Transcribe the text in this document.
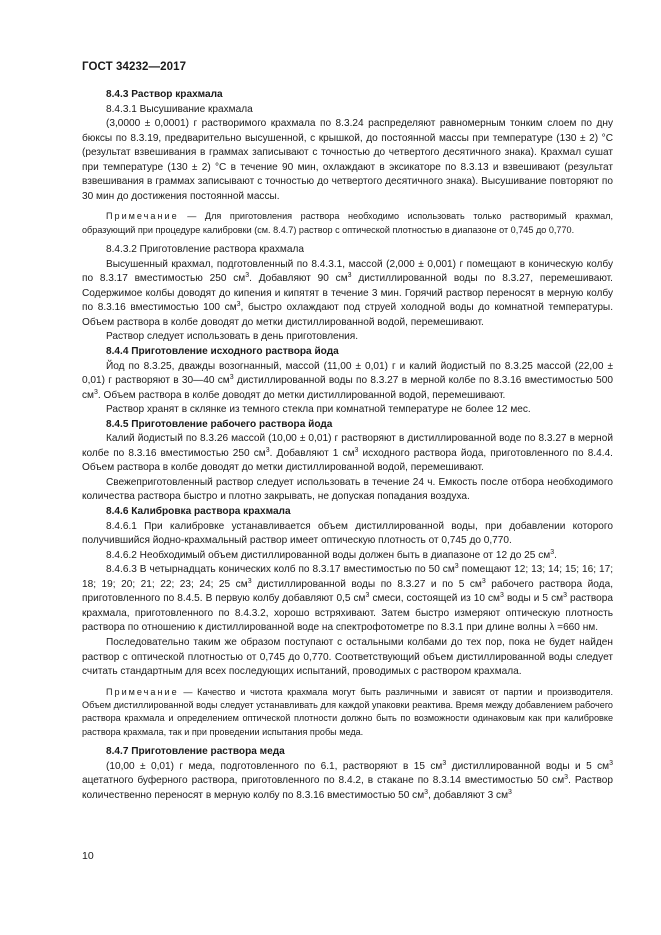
ГОСТ 34232—2017

8.4.3 Раствор крахмала

8.4.3.1 Высушивание крахмала

(3,0000 ± 0,0001) г растворимого крахмала по 8.3.24 распределяют равномерным тонким слоем по дну бюксы по 8.3.19, предварительно высушенной, с крышкой, до постоянной массы при температуре (130 ± 2) °С (результат взвешивания в граммах записывают с точностью до четвертого десятичного знака). Крахмал сушат при температуре (130 ± 2) °С в течение 90 мин, охлаждают в эксикаторе по 8.3.13 и взвешивают (результат взвешивания в граммах записывают с точностью до четвертого десятичного знака). Высушивание повторяют по 30 мин до достижения постоянной массы.

Примечание — Для приготовления раствора необходимо использовать только растворимый крахмал, образующий при процедуре калибровки (см. 8.4.7) раствор с оптической плотностью в диапазоне от 0,745 до 0,770.

8.4.3.2 Приготовление раствора крахмала

Высушенный крахмал, подготовленный по 8.4.3.1, массой (2,000 ± 0,001) г помещают в коническую колбу по 8.3.17 вместимостью 250 $см^3$. Добавляют 90 $см^3$ дистиллированной воды по 8.3.27, перемешивают. Содержимое колбы доводят до кипения и кипятят в течение 3 мин. Горячий раствор переносят в мерную колбу по 8.3.16 вместимостью 100 $см^3$, быстро охлаждают под струей холодной воды до комнатной температуры. Объем раствора в колбе доводят до метки дистиллированной водой, перемешивают.

Раствор следует использовать в день приготовления.

8.4.4 Приготовление исходного раствора йода

Йод по 8.3.25, дважды возогнанный, массой (11,00 ± 0,01) г и калий йодистый по 8.3.25 массой (22,00 ± 0,01) г растворяют в 30—40 $см^3$ дистиллированной воды по 8.3.27 в мерной колбе по 8.3.16 вместимостью 500 $см^3$. Объем раствора в колбе доводят до метки дистиллированной водой, перемешивают.

Раствор хранят в склянке из темного стекла при комнатной температуре не более 12 мес.

8.4.5 Приготовление рабочего раствора йода

Калий йодистый по 8.3.26 массой (10,00 ± 0,01) г растворяют в дистиллированной воде по 8.3.27 в мерной колбе по 8.3.16 вместимостью 250 $см^3$. Добавляют 1 $см^3$ исходного раствора йода, приготовленного по 8.4.4. Объем раствора в колбе доводят до метки дистиллированной водой, перемешивают.

Свежеприготовленный раствор следует использовать в течение 24 ч. Емкость после отбора необходимого количества раствора быстро и плотно закрывать, не допуская попадания воздуха.

8.4.6 Калибровка раствора крахмала

8.4.6.1 При калибровке устанавливается объем дистиллированной воды, при добавлении которого получившийся йодно-крахмальный раствор имеет оптическую плотность от 0,745 до 0,770.

8.4.6.2 Необходимый объем дистиллированной воды должен быть в диапазоне от 12 до 25 $см^3$.

8.4.6.3 В четырнадцать конических колб по 8.3.17 вместимостью по 50 $см^3$ помещают 12; 13; 14; 15; 16; 17; 18; 19; 20; 21; 22; 23; 24; 25 $см^3$ дистиллированной воды по 8.3.27 и по 5 $см^3$ рабочего раствора йода, приготовленного по 8.4.5. В первую колбу добавляют 0,5 $см^3$ смеси, состоящей из 10 $см^3$ воды и 5 $см^3$ раствора крахмала, приготовленного по 8.4.3.2, хорошо встряхивают. Затем быстро измеряют оптическую плотность раствора по отношению к дистиллированной воде на спектрофотометре по 8.3.1 при длине волны λ =660 нм.

Последовательно таким же образом поступают с остальными колбами до тех пор, пока не будет найден раствор с оптической плотностью от 0,745 до 0,770. Соответствующий объем дистиллированной воды следует считать стандартным для всех последующих испытаний, проводимых с раствором крахмала.

Примечание — Качество и чистота крахмала могут быть различными и зависят от партии и производителя. Объем дистиллированной воды следует устанавливать для каждой упаковки реактива. Время между добавлением рабочего раствора крахмала и определением оптической плотности должно быть по возможности одинаковым как при калибровке раствора крахмала, так и при проведении испытания пробы меда.

8.4.7 Приготовление раствора меда

(10,00 ± 0,01) г меда, подготовленного по 6.1, растворяют в 15 $см^3$ дистиллированной воды и 5 $см^3$ ацетатного буферного раствора, приготовленного по 8.4.2, в стакане по 8.3.14 вместимостью 50 $см^3$. Раствор количественно переносят в мерную колбу по 8.3.16 вместимостью 50 $см^3$, добавляют 3 $см^3$

10
